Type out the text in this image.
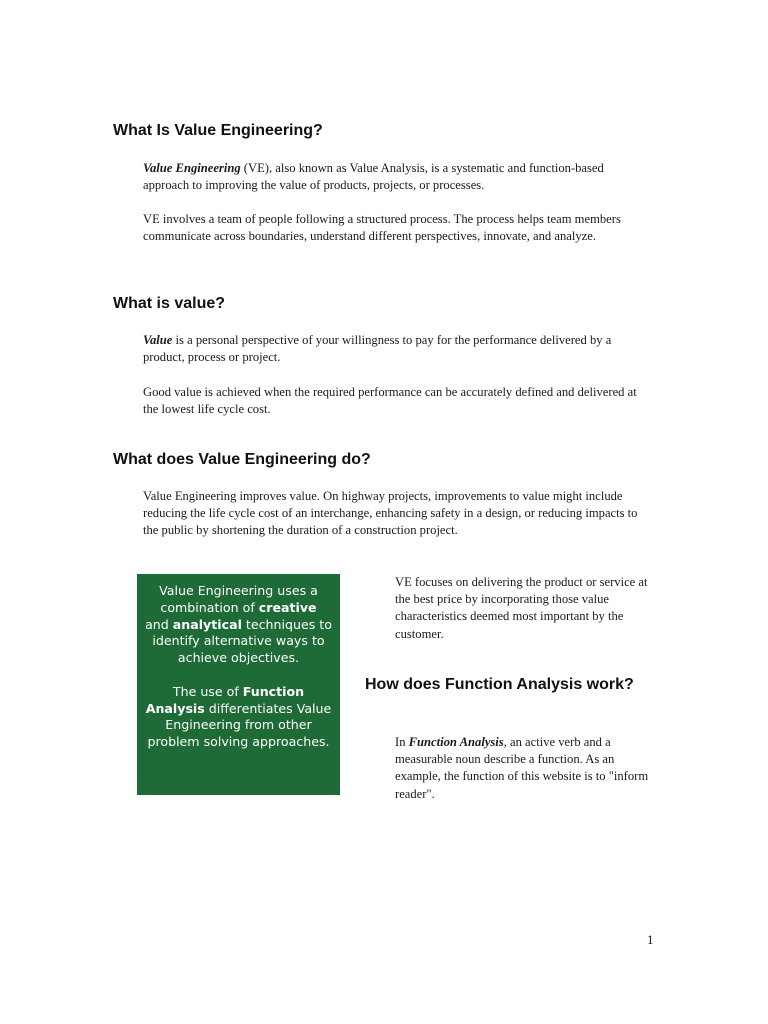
What Is Value Engineering?

Value Engineering (VE), also known as Value Analysis, is a systematic and function-based approach to improving the value of products, projects, or processes.

VE involves a team of people following a structured process. The process helps team members communicate across boundaries, understand different perspectives, innovate, and analyze.

What is value?

Value is a personal perspective of your willingness to pay for the performance delivered by a product, process or project.

Good value is achieved when the required performance can be accurately defined and delivered at the lowest life cycle cost.

What does Value Engineering do?

Value Engineering improves value. On highway projects, improvements to value might include reducing the life cycle cost of an interchange, enhancing safety in a design, or reducing impacts to the public by shortening the duration of a construction project.

Value Engineering uses a combination of creative
and analytical techniques to identify alternative ways to achieve objectives.

The use of Function Analysis differentiates Value Engineering from other problem solving approaches.

VE focuses on delivering the product or service at the best price by incorporating those value characteristics deemed most important by the customer.

How does Function Analysis work?

In Function Analysis, an active verb and a measurable noun describe a function. As an example, the function of this website is to "inform reader".

1
